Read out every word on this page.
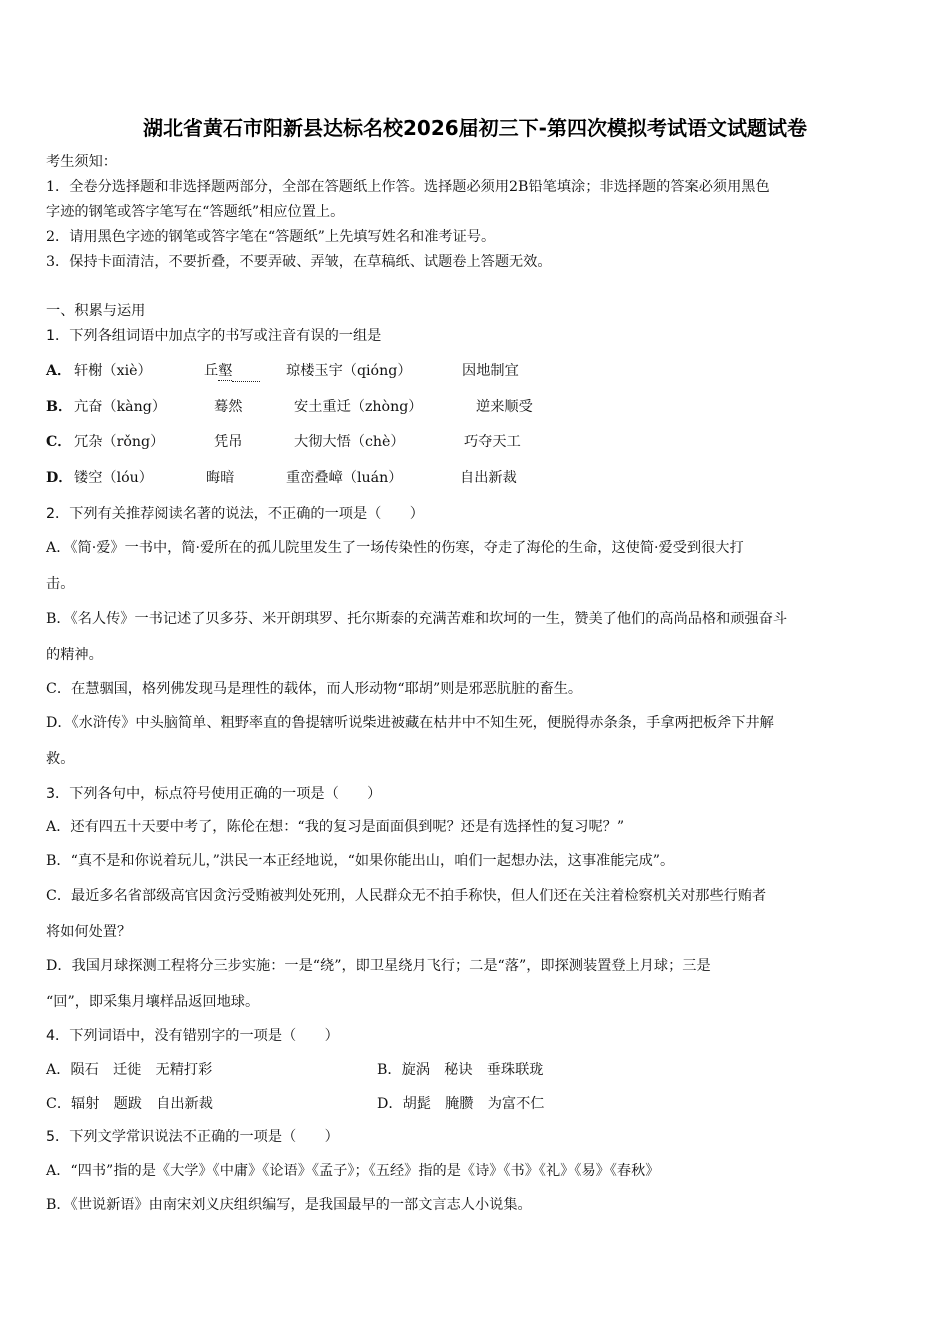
湖北省黄石市阳新县达标名校2026届初三下-第四次模拟考试语文试题试卷
考生须知：
1．全卷分选择题和非选择题两部分，全部在答题纸上作答。选择题必须用2B铅笔填涂；非选择题的答案必须用黑色
字迹的钢笔或答字笔写在“答题纸”相应位置上。
2．请用黑色字迹的钢笔或答字笔在“答题纸”上先填写姓名和准考证号。
3．保持卡面清洁，不要折叠，不要弄破、弄皱，在草稿纸、试题卷上答题无效。
一、积累与运用
1．下列各组词语中加点字的书写或注音有误的一组是
A． 轩榭（xiè）	丘壑	琼楼玉宇（qióng）	因地制宜
B． 亢奋（kàng）	蓦然	安土重迁（zhòng）	逆来顺受
C． 冗杂（rǒng）	凭吊	大彻大悟（chè）	巧夺天工
D． 镂空（lóu）	晦暗	重峦叠嶂（luán）	自出新裁
2．下列有关推荐阅读名著的说法，不正确的一项是（　　）
A．《简·爱》一书中，简·爱所在的孤儿院里发生了一场传染性的伤寒，夺走了海伦的生命，这使简·爱受到很大打
击。
B．《名人传》一书记述了贝多芬、米开朗琪罗、托尔斯泰的充满苦难和坎坷的一生，赞美了他们的高尚品格和顽强奋斗
的精神。
C．在慧骃国，格列佛发现马是理性的载体，而人形动物“耶胡”则是邪恶肮脏的畜生。
D．《水浒传》中头脑简单、粗野率直的鲁提辖听说柴进被藏在枯井中不知生死，便脱得赤条条，手拿两把板斧下井解
救。
3．下列各句中，标点符号使用正确的一项是（　　）
A．还有四五十天要中考了，陈伦在想：“我的复习是面面俱到呢？还是有选择性的复习呢？”
B．“真不是和你说着玩儿，”洪民一本正经地说，“如果你能出山，咱们一起想办法，这事准能完成”。
C．最近多名省部级高官因贪污受贿被判处死刑，人民群众无不拍手称快，但人们还在关注着检察机关对那些行贿者
将如何处置？
D．我国月球探测工程将分三步实施：一是“绕”，即卫星绕月飞行；二是“落”，即探测装置登上月球；三是
“回”，即采集月壤样品返回地球。
4．下列词语中，没有错别字的一项是（　　）
A．陨石　迁徙　无精打彩	B．旋涡　秘诀　垂珠联珑
C．辐射　题跋　自出新裁	D．胡髭　腌臜　为富不仁
5．下列文学常识说法不正确的一项是（　　）
A．“四书”指的是《大学》《中庸》《论语》《孟子》；《五经》指的是《诗》《书》《礼》《易》《春秋》
B．《世说新语》由南宋刘义庆组织编写，是我国最早的一部文言志人小说集。
